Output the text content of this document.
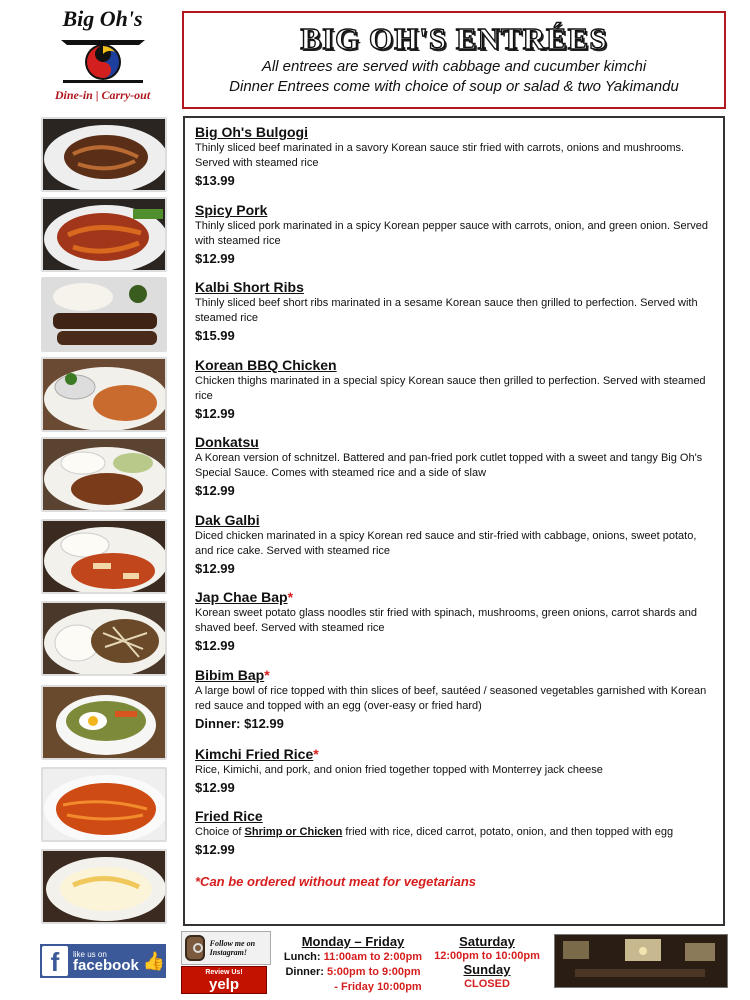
Big Oh's
Dine-in | Carry-out
BIG OH'S ENTRÉES
All entrees are served with cabbage and cucumber kimchi
Dinner Entrees come with choice of soup or salad & two Yakimandu
Big Oh's Bulgogi
Thinly sliced beef marinated in a savory Korean sauce stir fried with carrots, onions and mushrooms. Served with steamed rice
$13.99
Spicy Pork
Thinly sliced pork marinated in a spicy Korean pepper sauce with carrots, onion, and green onion. Served with steamed rice
$12.99
Kalbi Short Ribs
Thinly sliced beef short ribs marinated in a sesame Korean sauce then grilled to perfection. Served with steamed rice
$15.99
Korean BBQ Chicken
Chicken thighs marinated in a special spicy Korean sauce then grilled to perfection. Served with steamed rice
$12.99
Donkatsu
A Korean version of schnitzel. Battered and pan-fried pork cutlet topped with a sweet and tangy Big Oh's Special Sauce. Comes with steamed rice and a side of slaw
$12.99
Dak Galbi
Diced chicken marinated in a spicy Korean red sauce and stir-fried with cabbage, onions, sweet potato, and rice cake. Served with steamed rice
$12.99
Jap Chae Bap*
Korean sweet potato glass noodles stir fried with spinach, mushrooms, green onions, carrot shards and shaved beef. Served with steamed rice
$12.99
Bibim Bap*
A large bowl of rice topped with thin slices of beef, sautéed / seasoned vegetables garnished with Korean red sauce and topped with an egg (over-easy or fried hard)
Dinner: $12.99
Kimchi Fried Rice*
Rice, Kimichi, and pork, and onion fried together topped with Monterrey jack cheese
$12.99
Fried Rice
Choice of Shrimp or Chicken fried with rice, diced carrot, potato, onion, and then topped with egg
$12.99
*Can be ordered without meat for vegetarians
f	like us on
facebook 👍
Follow me on Instagram!
Review Us!
yelp
Monday – Friday
Lunch: 11:00am to 2:00pm
Dinner: 5:00pm to 9:00pm
- Friday 10:00pm
Saturday
12:00pm to 10:00pm
Sunday
CLOSED
